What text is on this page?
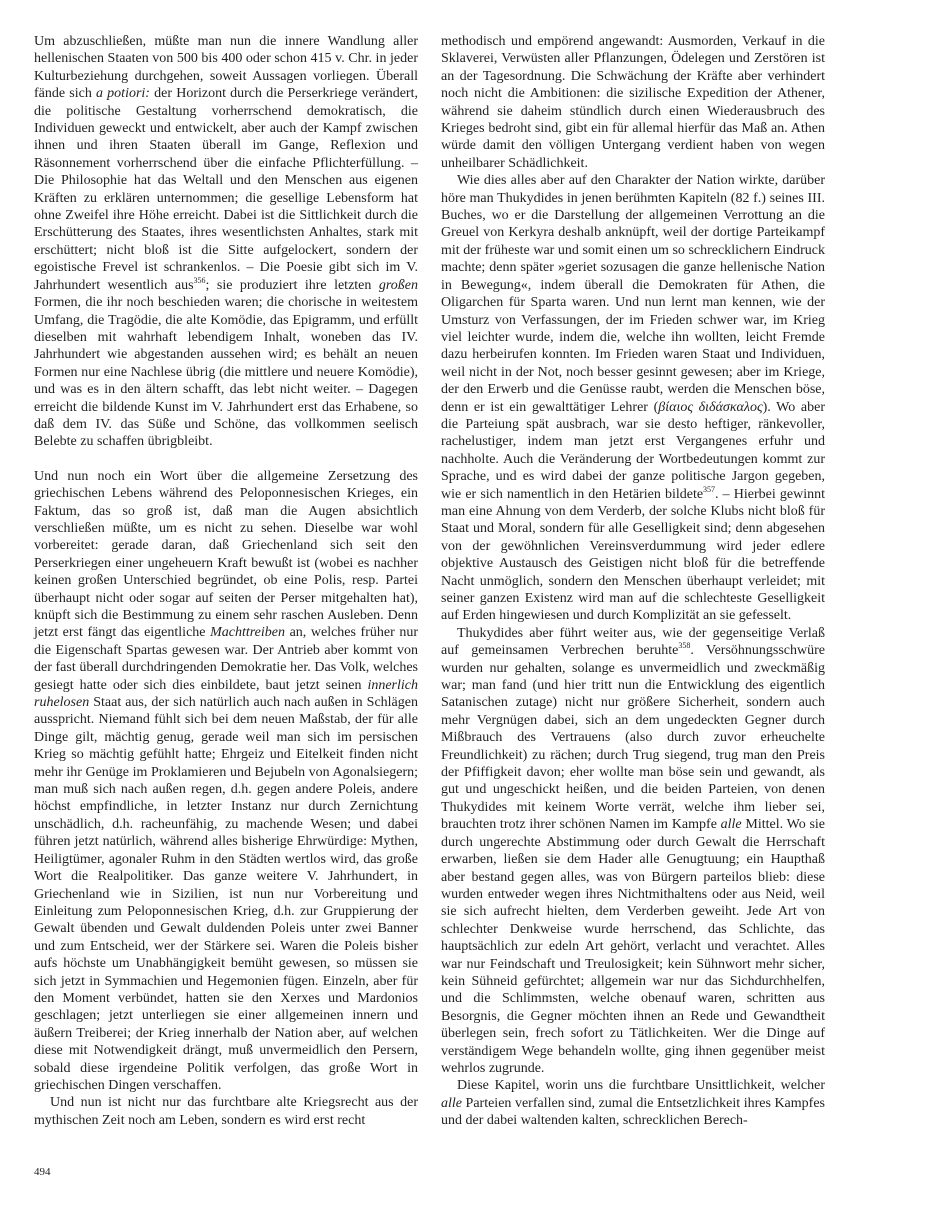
Um abzuschließen, müßte man nun die innere Wandlung aller hellenischen Staaten von 500 bis 400 oder schon 415 v. Chr. in jeder Kulturbeziehung durchgehen, soweit Aussagen vorliegen. Überall fände sich a potiori: der Horizont durch die Perserkriege verändert, die politische Gestaltung vorherrschend demokratisch, die Individuen geweckt und entwickelt, aber auch der Kampf zwischen ihnen und ihren Staaten überall im Gange, Reflexion und Räsonnement vorherrschend über die einfache Pflichterfüllung. – Die Philosophie hat das Weltall und den Menschen aus eigenen Kräften zu erklären unternommen; die gesellige Lebensform hat ohne Zweifel ihre Höhe erreicht. Dabei ist die Sittlichkeit durch die Erschütterung des Staates, ihres wesentlichsten Anhaltes, stark mit erschüttert; nicht bloß ist die Sitte aufgelockert, sondern der egoistische Frevel ist schrankenlos. – Die Poesie gibt sich im V. Jahrhundert wesentlich aus$^{356}$; sie produziert ihre letzten großen Formen, die ihr noch beschieden waren; die chorische in weitestem Umfang, die Tragödie, die alte Komödie, das Epigramm, und erfüllt dieselben mit wahrhaft lebendigem Inhalt, woneben das IV. Jahrhundert wie abgestanden aussehen wird; es behält an neuen Formen nur eine Nachlese übrig (die mittlere und neuere Komödie), und was es in den ältern schafft, das lebt nicht weiter. – Dagegen erreicht die bildende Kunst im V. Jahrhundert erst das Erhabene, so daß dem IV. das Süße und Schöne, das vollkommen seelisch Belebte zu schaffen übrigbleibt.

Und nun noch ein Wort über die allgemeine Zersetzung des griechischen Lebens während des Peloponnesischen Krieges, ein Faktum, das so groß ist, daß man die Augen absichtlich verschließen müßte, um es nicht zu sehen. Dieselbe war wohl vorbereitet: gerade daran, daß Griechenland sich seit den Perserkriegen einer ungeheuern Kraft bewußt ist (wobei es nachher keinen großen Unterschied begründet, ob eine Polis, resp. Partei überhaupt nicht oder sogar auf seiten der Perser mitgehalten hat), knüpft sich die Bestimmung zu einem sehr raschen Ausleben. Denn jetzt erst fängt das eigentliche Machttreiben an, welches früher nur die Eigenschaft Spartas gewesen war. Der Antrieb aber kommt von der fast überall durchdringenden Demokratie her. Das Volk, welches gesiegt hatte oder sich dies einbildete, baut jetzt seinen innerlich ruhelosen Staat aus, der sich natürlich auch nach außen in Schlägen ausspricht. Niemand fühlt sich bei dem neuen Maßstab, der für alle Dinge gilt, mächtig genug, gerade weil man sich im persischen Krieg so mächtig gefühlt hatte; Ehrgeiz und Eitelkeit finden nicht mehr ihr Genüge im Proklamieren und Bejubeln von Agonalsiegern; man muß sich nach außen regen, d.h. gegen andere Poleis, andere höchst empfindliche, in letzter Instanz nur durch Zernichtung unschädlich, d.h. racheunfähig, zu machende Wesen; und dabei führen jetzt natürlich, während alles bisherige Ehrwürdige: Mythen, Heiligtümer, agonaler Ruhm in den Städten wertlos wird, das große Wort die Realpolitiker. Das ganze weitere V. Jahrhundert, in Griechenland wie in Sizilien, ist nun nur Vorbereitung und Einleitung zum Peloponnesischen Krieg, d.h. zur Gruppierung der Gewalt übenden und Gewalt duldenden Poleis unter zwei Banner und zum Entscheid, wer der Stärkere sei. Waren die Poleis bisher aufs höchste um Unabhängigkeit bemüht gewesen, so müssen sie sich jetzt in Symmachien und Hegemonien fügen. Einzeln, aber für den Moment verbündet, hatten sie den Xerxes und Mardonios geschlagen; jetzt unterliegen sie einer allgemeinen innern und äußern Treiberei; der Krieg innerhalb der Nation aber, auf welchen diese mit Notwendigkeit drängt, muß unvermeidlich den Persern, sobald diese irgendeine Politik verfolgen, das große Wort in griechischen Dingen verschaffen.

Und nun ist nicht nur das furchtbare alte Kriegsrecht aus der mythischen Zeit noch am Leben, sondern es wird erst recht

methodisch und empörend angewandt: Ausmorden, Verkauf in die Sklaverei, Verwüsten aller Pflanzungen, Ödelegen und Zerstören ist an der Tagesordnung. Die Schwächung der Kräfte aber verhindert noch nicht die Ambitionen: die sizilische Expedition der Athener, während sie daheim stündlich durch einen Wiederausbruch des Krieges bedroht sind, gibt ein für allemal hierfür das Maß an. Athen würde damit den völligen Untergang verdient haben von wegen unheilbarer Schädlichkeit.

Wie dies alles aber auf den Charakter der Nation wirkte, darüber höre man Thukydides in jenen berühmten Kapiteln (82 f.) seines III. Buches, wo er die Darstellung der allgemeinen Verrottung an die Greuel von Kerkyra deshalb anknüpft, weil der dortige Parteikampf mit der früheste war und somit einen um so schrecklichern Eindruck machte; denn später »geriet sozusagen die ganze hellenische Nation in Bewegung«, indem überall die Demokraten für Athen, die Oligarchen für Sparta waren. Und nun lernt man kennen, wie der Umsturz von Verfassungen, der im Frieden schwer war, im Krieg viel leichter wurde, indem die, welche ihn wollten, leicht Fremde dazu herbeirufen konnten. Im Frieden waren Staat und Individuen, weil nicht in der Not, noch besser gesinnt gewesen; aber im Kriege, der den Erwerb und die Genüsse raubt, werden die Menschen böse, denn er ist ein gewalttätiger Lehrer (βίαιος διδάσκαλος). Wo aber die Parteiung spät ausbrach, war sie desto heftiger, ränkevoller, rachelustiger, indem man jetzt erst Vergangenes erfuhr und nachholte. Auch die Veränderung der Wortbedeutungen kommt zur Sprache, und es wird dabei der ganze politische Jargon gegeben, wie er sich namentlich in den Hetärien bildete$^{357}$. – Hierbei gewinnt man eine Ahnung von dem Verderb, der solche Klubs nicht bloß für Staat und Moral, sondern für alle Geselligkeit sind; denn abgesehen von der gewöhnlichen Vereinsverdummung wird jeder edlere objektive Austausch des Geistigen nicht bloß für die betreffende Nacht unmöglich, sondern den Menschen überhaupt verleidet; mit seiner ganzen Existenz wird man auf die schlechteste Geselligkeit auf Erden hingewiesen und durch Komplizität an sie gefesselt.

Thukydides aber führt weiter aus, wie der gegenseitige Verlaß auf gemeinsamen Verbrechen beruhte$^{358}$. Versöhnungsschwüre wurden nur gehalten, solange es unvermeidlich und zweckmäßig war; man fand (und hier tritt nun die Entwicklung des eigentlich Satanischen zutage) nicht nur größere Sicherheit, sondern auch mehr Vergnügen dabei, sich an dem ungedeckten Gegner durch Mißbrauch des Vertrauens (also durch zuvor erheuchelte Freundlichkeit) zu rächen; durch Trug siegend, trug man den Preis der Pfiffigkeit davon; eher wollte man böse sein und gewandt, als gut und ungeschickt heißen, und die beiden Parteien, von denen Thukydides mit keinem Worte verrät, welche ihm lieber sei, brauchten trotz ihrer schönen Namen im Kampfe alle Mittel. Wo sie durch ungerechte Abstimmung oder durch Gewalt die Herrschaft erwarben, ließen sie dem Hader alle Genugtuung; ein Haupthaß aber bestand gegen alles, was von Bürgern parteilos blieb: diese wurden entweder wegen ihres Nichtmithaltens oder aus Neid, weil sie sich aufrecht hielten, dem Verderben geweiht. Jede Art von schlechter Denkweise wurde herrschend, das Schlichte, das hauptsächlich zur edeln Art gehört, verlacht und verachtet. Alles war nur Feindschaft und Treulosigkeit; kein Sühnwort mehr sicher, kein Sühneid gefürchtet; allgemein war nur das Sichdurchhelfen, und die Schlimmsten, welche obenauf waren, schritten aus Besorgnis, die Gegner möchten ihnen an Rede und Gewandtheit überlegen sein, frech sofort zu Tätlichkeiten. Wer die Dinge auf verständigem Wege behandeln wollte, ging ihnen gegenüber meist wehrlos zugrunde.

Diese Kapitel, worin uns die furchtbare Unsittlichkeit, welcher alle Parteien verfallen sind, zumal die Entsetzlichkeit ihres Kampfes und der dabei waltenden kalten, schrecklichen Berech-

494
